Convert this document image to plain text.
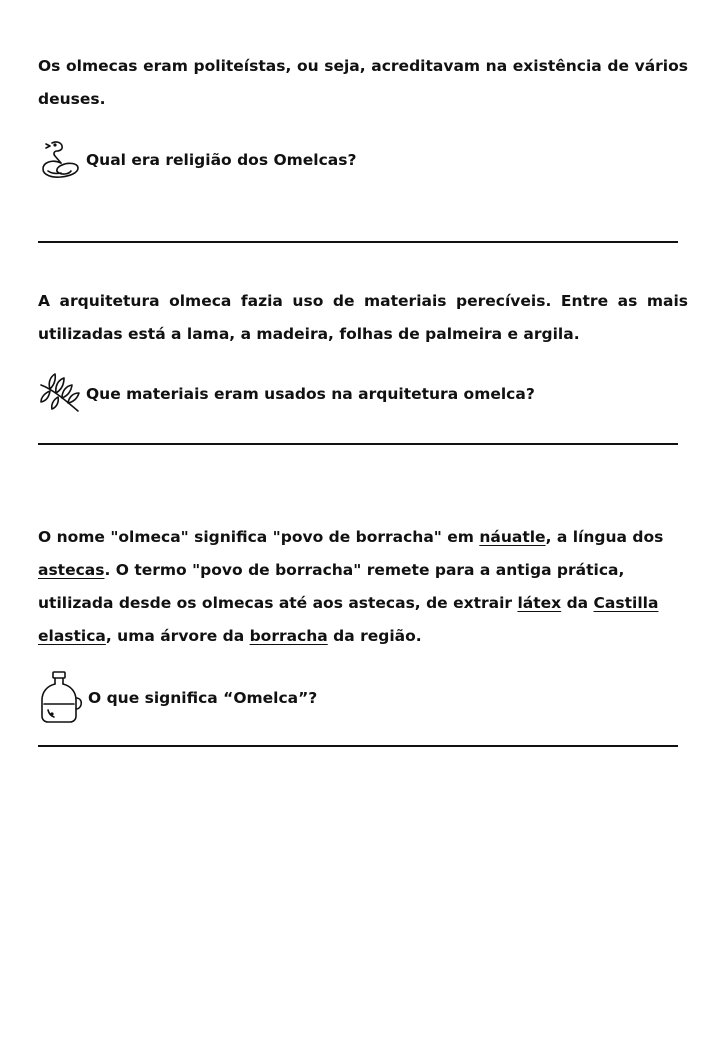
Os olmecas eram politeístas, ou seja, acreditavam na existência de vários deuses.

Qual era religião dos Omelcas?

A arquitetura olmeca fazia uso de materiais perecíveis. Entre as mais utilizadas está a lama, a madeira, folhas de palmeira e argila.

Que materiais eram usados na arquitetura omelca?

O nome "olmeca" significa "povo de borracha" em náuatle, a língua dos astecas. O termo "povo de borracha" remete para a antiga prática, utilizada desde os olmecas até aos astecas, de extrair látex da Castilla elastica, uma árvore da borracha da região.

O que significa “Omelca”?
